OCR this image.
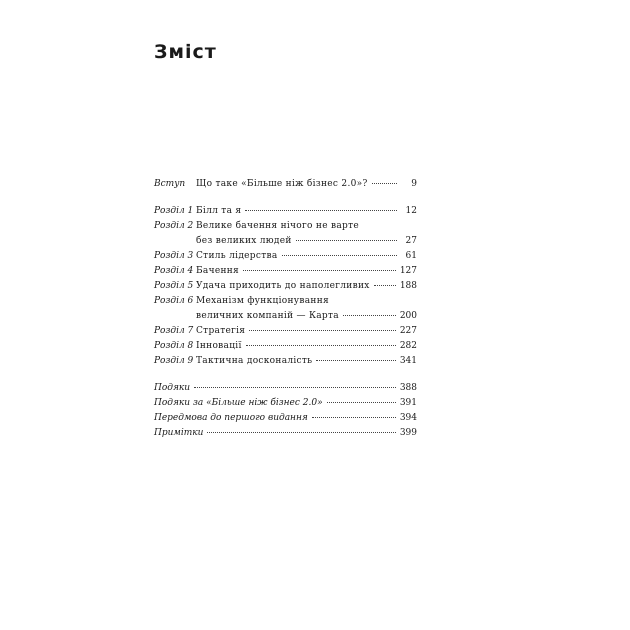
Зміст
Вступ	Що таке «Більше ніж бізнес 2.0»?	9
Розділ 1 Білл та я	12
Розділ 2 Велике бачення нічого не варте
без великих людей	27
Розділ 3 Стиль лідерства	61
Розділ 4 Бачення	127
Розділ 5 Удача приходить до наполегливих	188
Розділ 6 Механізм функціонування
величних компаній — Карта	200
Розділ 7 Стратегія	227
Розділ 8 Інновації	282
Розділ 9 Тактична досконалість	341
Подяки	388
Подяки за «Більше ніж бізнес 2.0»	391
Передмова до першого видання	394
Примітки	399
